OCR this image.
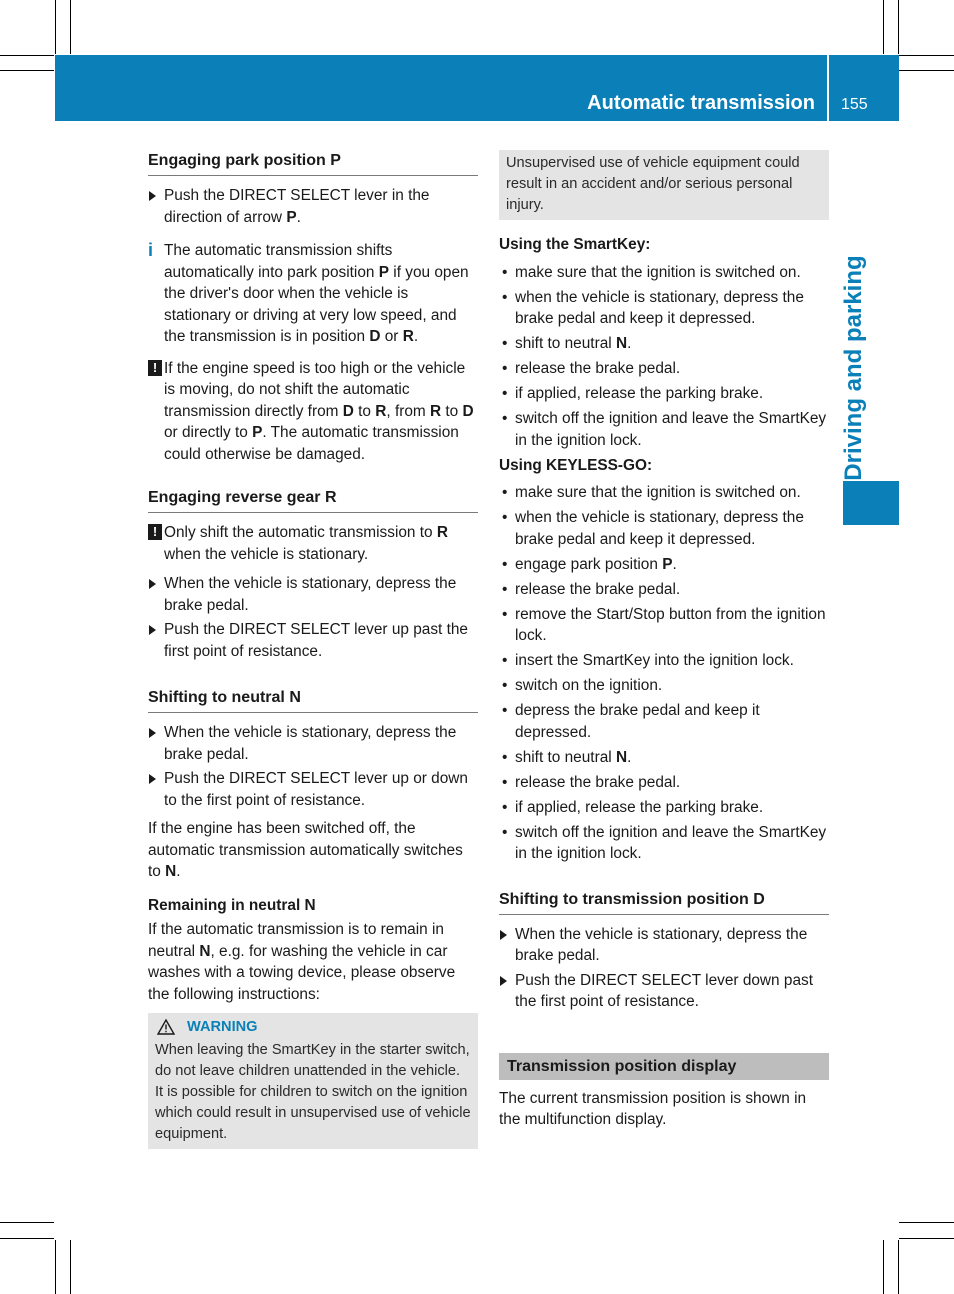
Automatic transmission 155
Driving and parking
Engaging park position P

Push the DIRECT SELECT lever in the direction of arrow P.

i The automatic transmission shifts automatically into park position P if you open the driver's door when the vehicle is stationary or driving at very low speed, and the transmission is in position D or R.
! If the engine speed is too high or the vehicle is moving, do not shift the automatic transmission directly from D to R, from R to D or directly to P. The automatic transmission could otherwise be damaged.
Engaging reverse gear R
! Only shift the automatic transmission to R when the vehicle is stationary.

When the vehicle is stationary, depress the brake pedal.

Push the DIRECT SELECT lever up past the first point of resistance.

Shifting to neutral N

When the vehicle is stationary, depress the brake pedal.

Push the DIRECT SELECT lever up or down to the first point of resistance.

If the engine has been switched off, the automatic transmission automatically switches to N.

Remaining in neutral N

If the automatic transmission is to remain in neutral N, e.g. for washing the vehicle in car washes with a towing device, please observe the following instructions:

WARNING
When leaving the SmartKey in the starter switch, do not leave children unattended in the vehicle. It is possible for children to switch on the ignition which could result in unsupervised use of vehicle equipment.
Unsupervised use of vehicle equipment could result in an accident and/or serious personal injury.

Using the SmartKey:

• make sure that the ignition is switched on.

• when the vehicle is stationary, depress the brake pedal and keep it depressed.

• shift to neutral N.

• release the brake pedal.

• if applied, release the parking brake.

• switch off the ignition and leave the SmartKey in the ignition lock.

Using KEYLESS-GO:

• make sure that the ignition is switched on.

• when the vehicle is stationary, depress the brake pedal and keep it depressed.

• engage park position P.

• release the brake pedal.

• remove the Start/Stop button from the ignition lock.

• insert the SmartKey into the ignition lock.

• switch on the ignition.

• depress the brake pedal and keep it depressed.

• shift to neutral N.

• release the brake pedal.

• if applied, release the parking brake.

• switch off the ignition and leave the SmartKey in the ignition lock.

Shifting to transmission position D

When the vehicle is stationary, depress the brake pedal.

Push the DIRECT SELECT lever down past the first point of resistance.

Transmission position display

The current transmission position is shown in the multifunction display.
